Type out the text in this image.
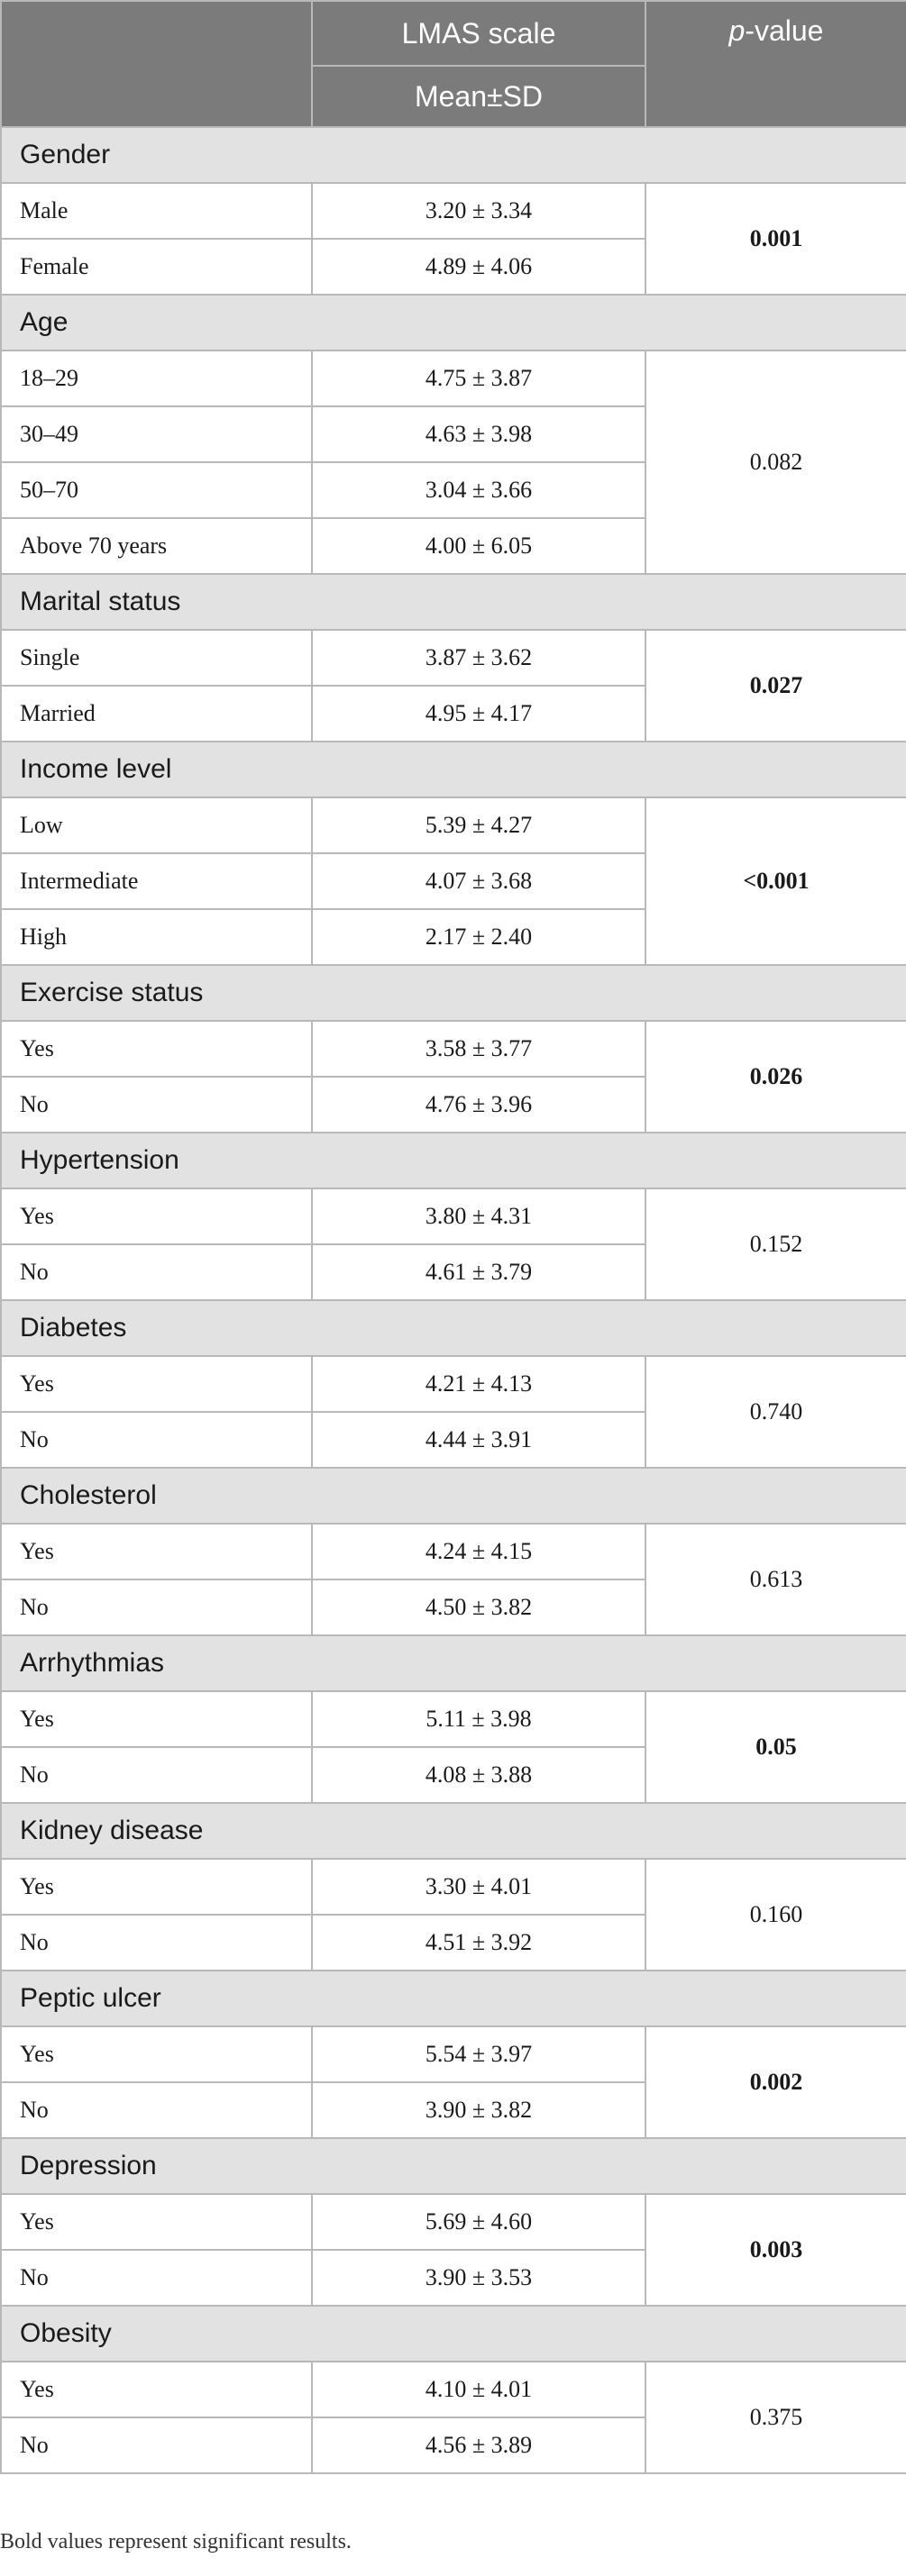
	LMAS scale	p-value
	Mean±SD	
Gender		
Male	3.20 ± 3.34	0.001
Female	4.89 ± 4.06	
Age		
18–29	4.75 ± 3.87	0.082
30–49	4.63 ± 3.98	
50–70	3.04 ± 3.66	
Above 70 years	4.00 ± 6.05	
Marital status		
Single	3.87 ± 3.62	0.027
Married	4.95 ± 4.17	
Income level		
Low	5.39 ± 4.27	<0.001
Intermediate	4.07 ± 3.68	
High	2.17 ± 2.40	
Exercise status		
Yes	3.58 ± 3.77	0.026
No	4.76 ± 3.96	
Hypertension		
Yes	3.80 ± 4.31	0.152
No	4.61 ± 3.79	
Diabetes		
Yes	4.21 ± 4.13	0.740
No	4.44 ± 3.91	
Cholesterol		
Yes	4.24 ± 4.15	0.613
No	4.50 ± 3.82	
Arrhythmias		
Yes	5.11 ± 3.98	0.05
No	4.08 ± 3.88	
Kidney disease		
Yes	3.30 ± 4.01	0.160
No	4.51 ± 3.92	
Peptic ulcer		
Yes	5.54 ± 3.97	0.002
No	3.90 ± 3.82	
Depression		
Yes	5.69 ± 4.60	0.003
No	3.90 ± 3.53	
Obesity		
Yes	4.10 ± 4.01	0.375
No	4.56 ± 3.89	
Bold values represent significant results.
